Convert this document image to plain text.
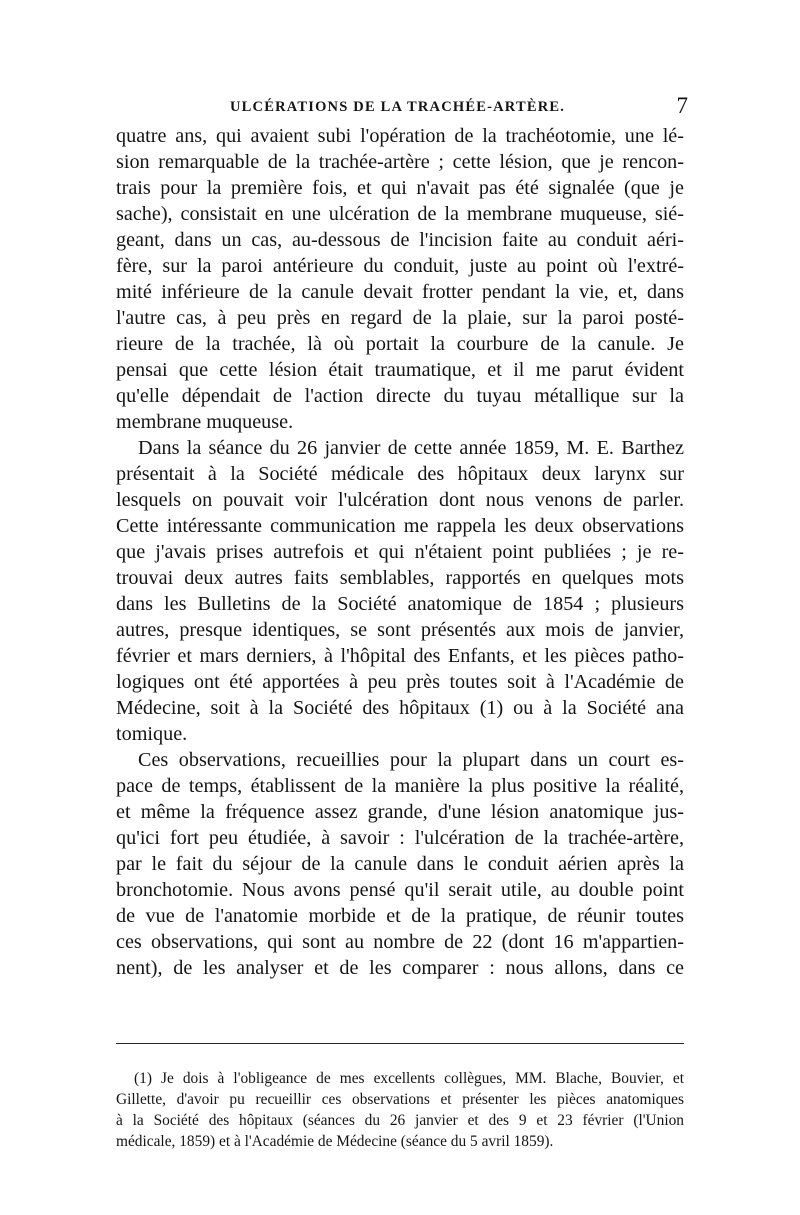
ULCÉRATIONS DE LA TRACHÉE-ARTÈRE.	7
quatre ans, qui avaient subi l'opération de la trachéotomie, une lé-
sion remarquable de la trachée-artère ; cette lésion, que je rencon-
trais pour la première fois, et qui n'avait pas été signalée (que je
sache), consistait en une ulcération de la membrane muqueuse, sié-
geant, dans un cas, au-dessous de l'incision faite au conduit aéri-
fère, sur la paroi antérieure du conduit, juste au point où l'extré-
mité inférieure de la canule devait frotter pendant la vie, et, dans
l'autre cas, à peu près en regard de la plaie, sur la paroi posté-
rieure de la trachée, là où portait la courbure de la canule. Je
pensai que cette lésion était traumatique, et il me parut évident
qu'elle dépendait de l'action directe du tuyau métallique sur la
membrane muqueuse.
Dans la séance du 26 janvier de cette année 1859, M. E. Barthez
présentait à la Société médicale des hôpitaux deux larynx sur
lesquels on pouvait voir l'ulcération dont nous venons de parler.
Cette intéressante communication me rappela les deux observations
que j'avais prises autrefois et qui n'étaient point publiées ; je re-
trouvai deux autres faits semblables, rapportés en quelques mots
dans les Bulletins de la Société anatomique de 1854 ; plusieurs
autres, presque identiques, se sont présentés aux mois de janvier,
février et mars derniers, à l'hôpital des Enfants, et les pièces patho-
logiques ont été apportées à peu près toutes soit à l'Académie de
Médecine, soit à la Société des hôpitaux (1) ou à la Société ana
tomique.
Ces observations, recueillies pour la plupart dans un court es-
pace de temps, établissent de la manière la plus positive la réalité,
et même la fréquence assez grande, d'une lésion anatomique jus-
qu'ici fort peu étudiée, à savoir : l'ulcération de la trachée-artère,
par le fait du séjour de la canule dans le conduit aérien après la
bronchotomie. Nous avons pensé qu'il serait utile, au double point
de vue de l'anatomie morbide et de la pratique, de réunir toutes
ces observations, qui sont au nombre de 22 (dont 16 m'appartien-
nent), de les analyser et de les comparer : nous allons, dans ce
(1) Je dois à l'obligeance de mes excellents collègues, MM. Blache, Bouvier, et
Gillette, d'avoir pu recueillir ces observations et présenter les pièces anatomiques
à la Société des hôpitaux (séances du 26 janvier et des 9 et 23 février (l'Union
médicale, 1859) et à l'Académie de Médecine (séance du 5 avril 1859).
